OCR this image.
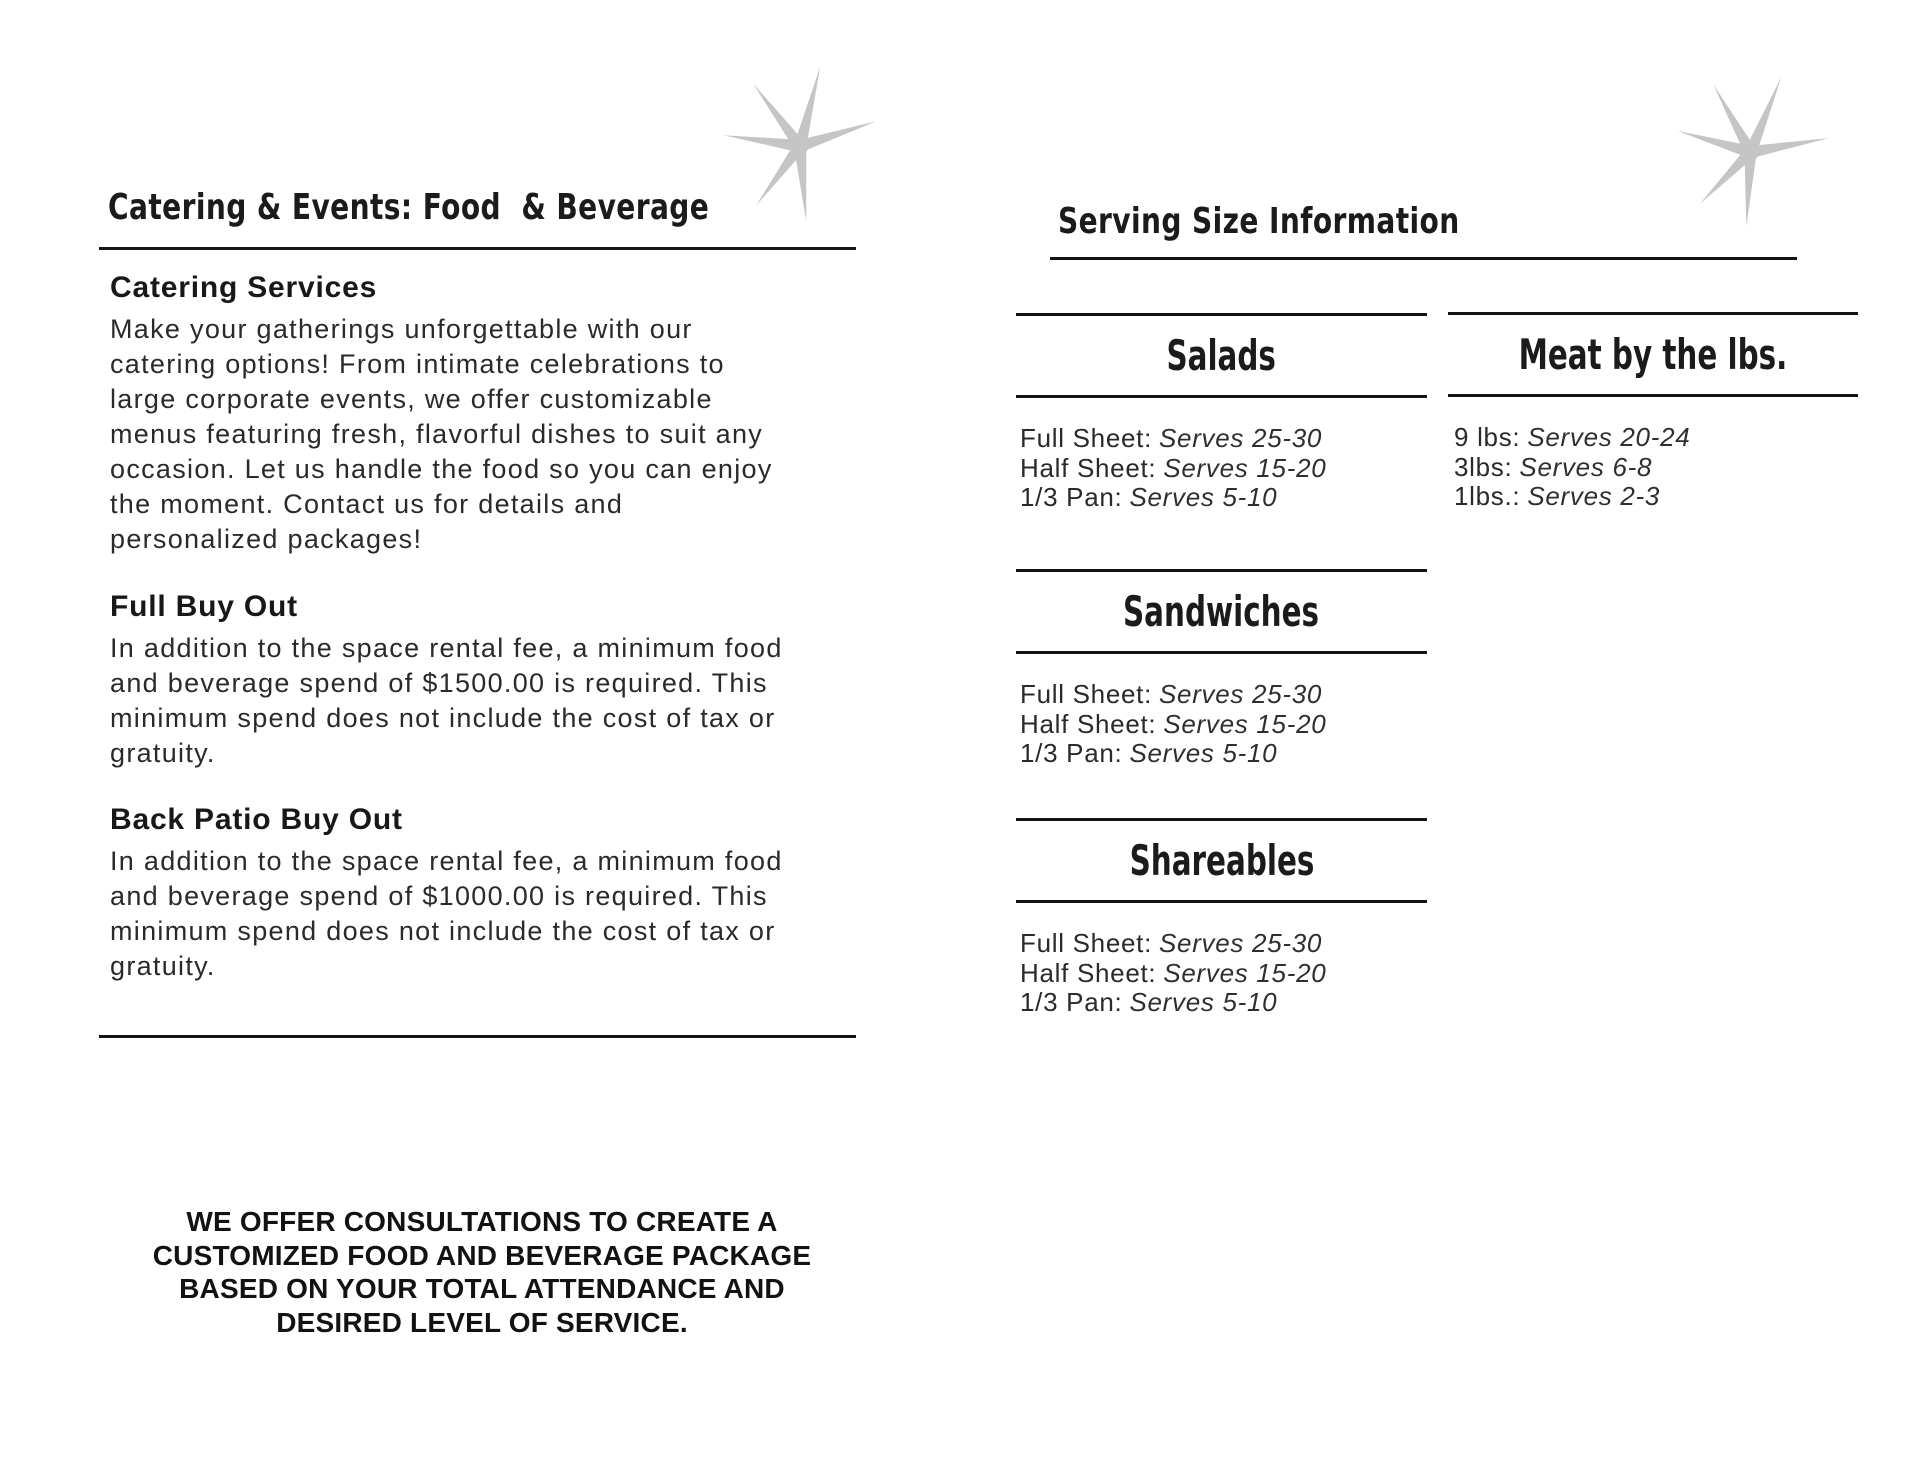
Catering & Events: Food  & Beverage
Catering Services

Make your gatherings unforgettable with our catering options! From intimate celebrations to large corporate events, we offer customizable menus featuring fresh, flavorful dishes to suit any occasion. Let us handle the food so you can enjoy the moment. Contact us for details and personalized packages!

Full Buy Out

In addition to the space rental fee, a minimum food and beverage spend of $1500.00 is required. This minimum spend does not include the cost of tax or gratuity.

Back Patio Buy Out

In addition to the space rental fee, a minimum food and beverage spend of $1000.00 is required. This minimum spend does not include the cost of tax or gratuity.

WE OFFER CONSULTATIONS TO CREATE A CUSTOMIZED FOOD AND BEVERAGE PACKAGE BASED ON YOUR TOTAL ATTENDANCE AND DESIRED LEVEL OF SERVICE.

Serving Size Information
Salads
Full Sheet: Serves 25-30
Half Sheet: Serves 15-20
1/3 Pan: Serves 5-10
Meat by the lbs.
9 lbs: Serves 20-24
3lbs: Serves 6-8
1lbs.: Serves 2-3
Sandwiches
Full Sheet: Serves 25-30
Half Sheet: Serves 15-20
1/3 Pan: Serves 5-10
Shareables
Full Sheet: Serves 25-30
Half Sheet: Serves 15-20
1/3 Pan: Serves 5-10
